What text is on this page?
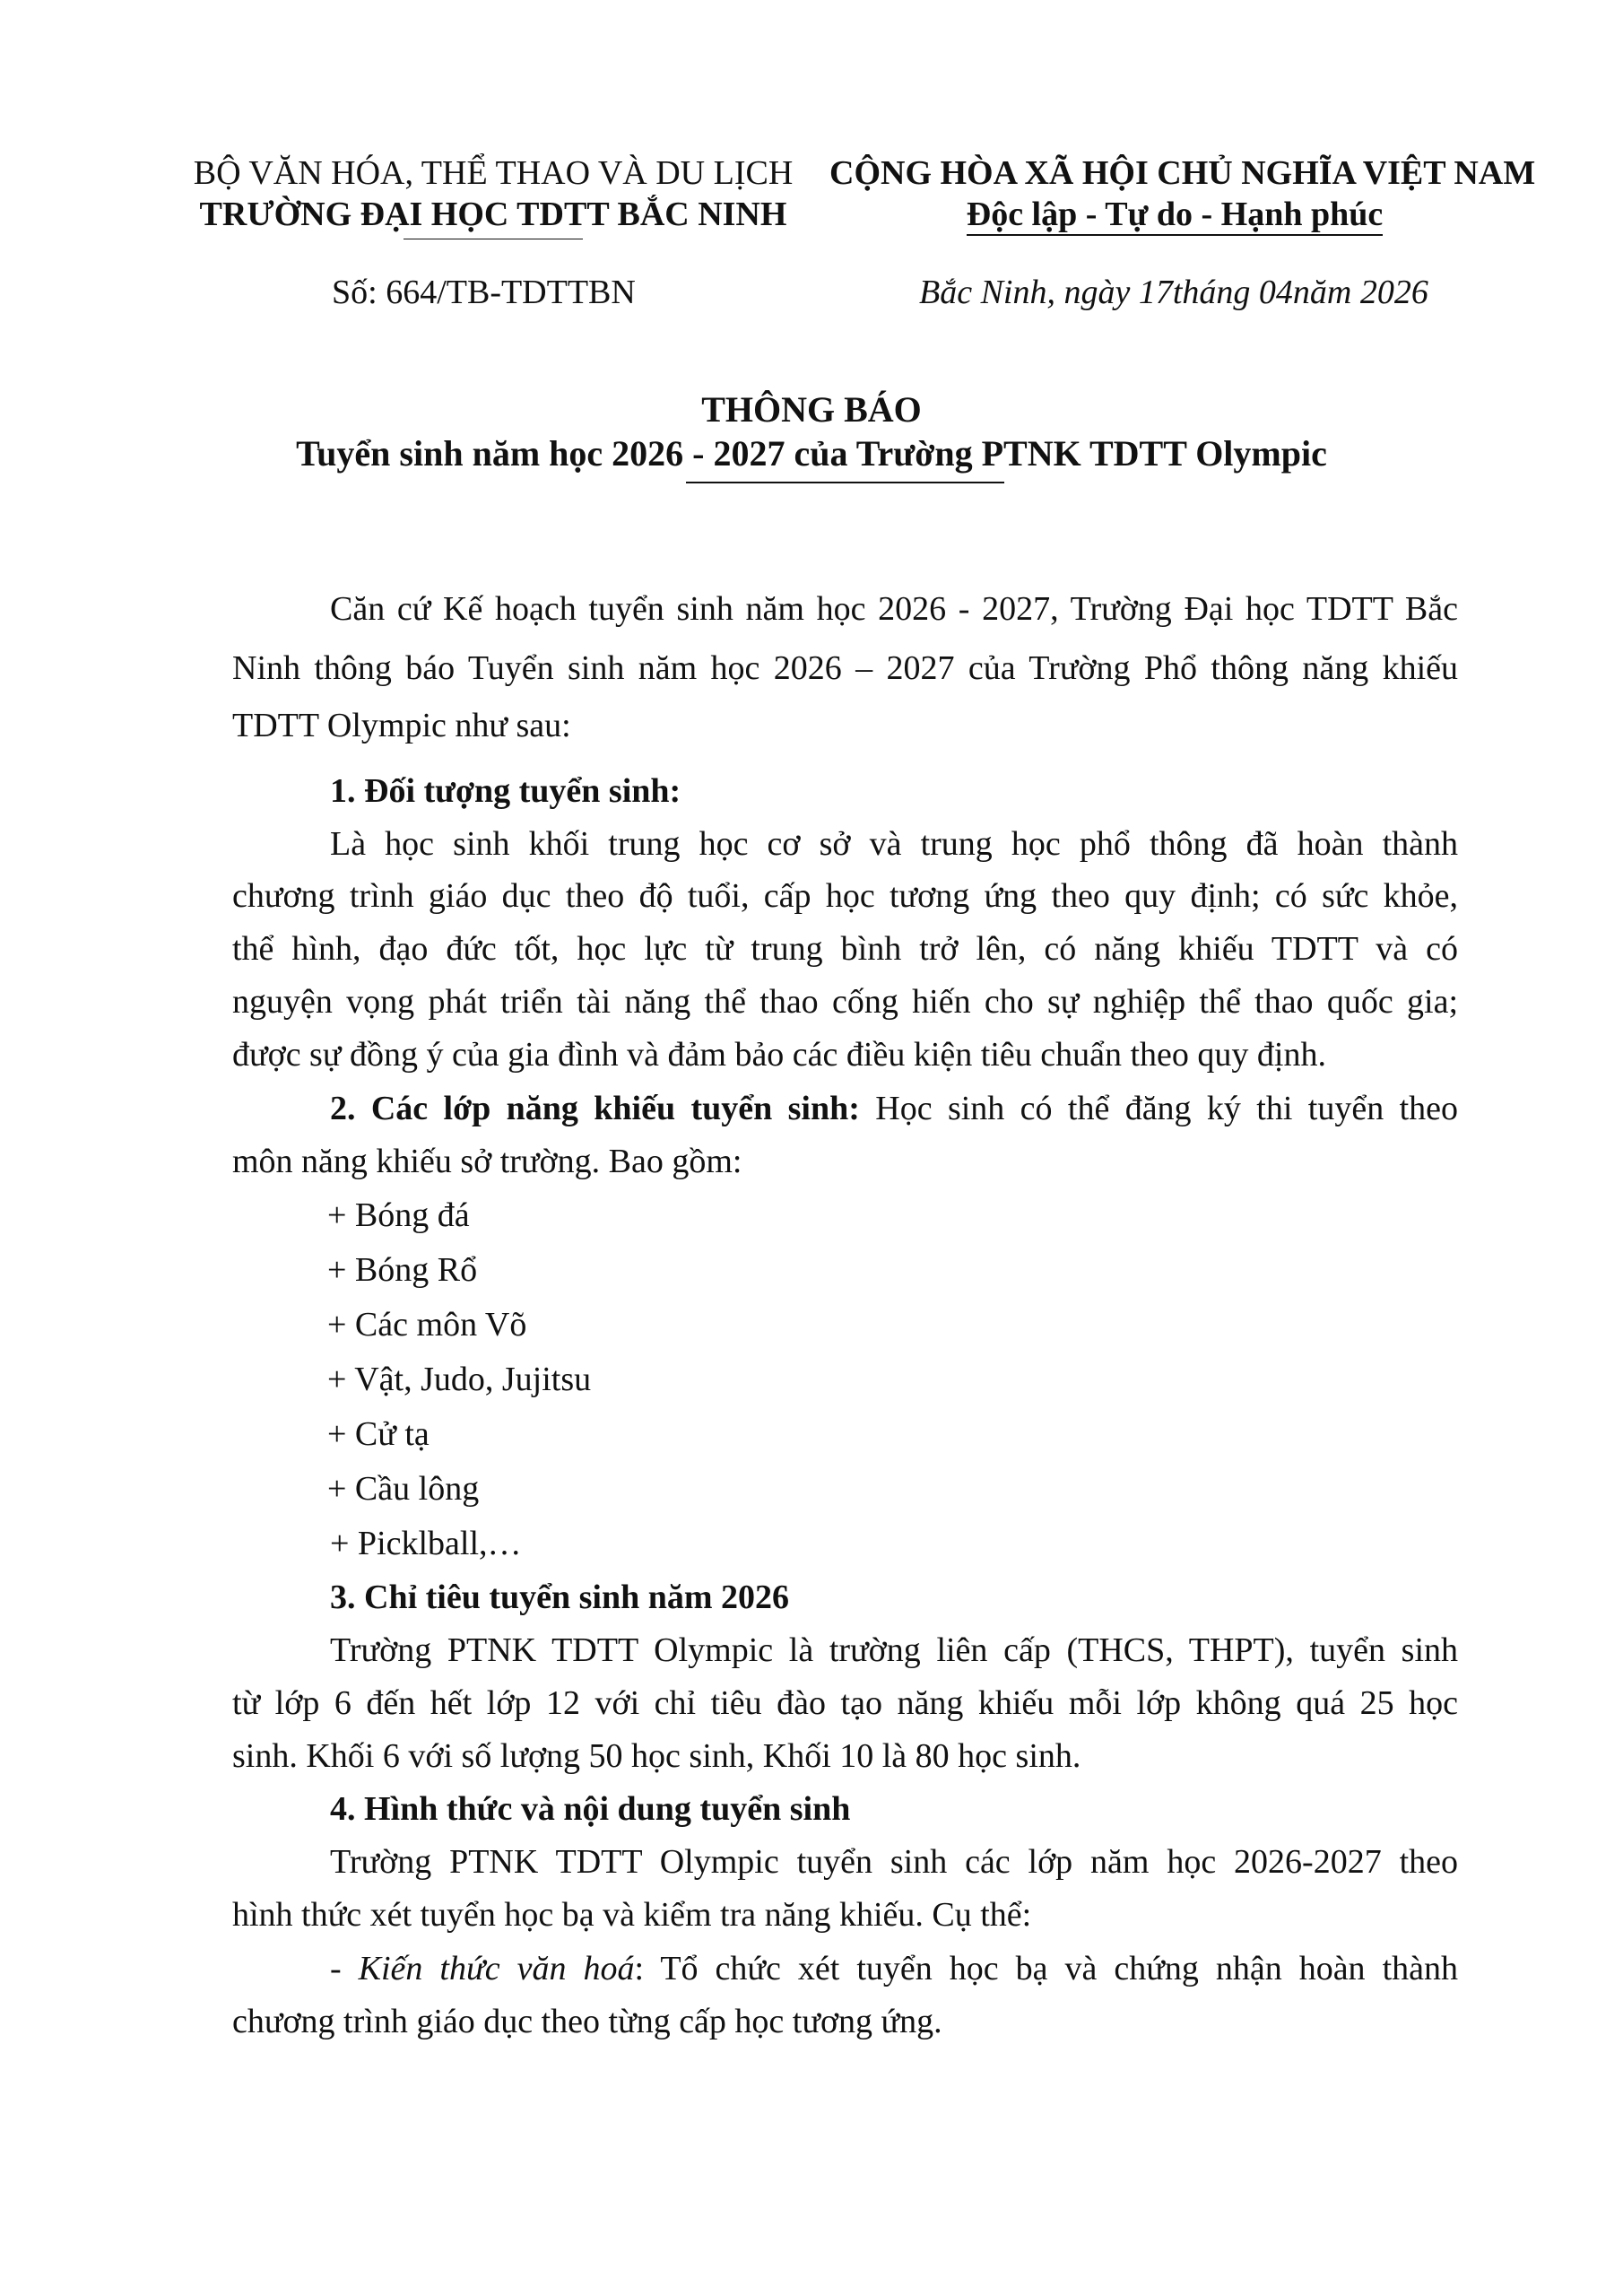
BỘ VĂN HÓA, THỂ THAO VÀ DU LỊCH
TRƯỜNG ĐẠI HỌC TDTT BẮC NINH
CỘNG HÒA XÃ HỘI CHỦ NGHĨA VIỆT NAM
Độc lập - Tự do - Hạnh phúc
Số: 664/TB-TDTTBN	Bắc Ninh, ngày 17tháng 04năm 2026
THÔNG BÁO
Tuyển sinh năm học 2026 - 2027 của Trường PTNK TDTT Olympic
Căn cứ Kế hoạch tuyển sinh năm học 2026 - 2027, Trường Đại học TDTT Bắc
Ninh thông báo Tuyển sinh năm học 2026 – 2027 của Trường Phổ thông năng khiếu
TDTT Olympic như sau:
1. Đối tượng tuyển sinh:
Là học sinh khối trung học cơ sở và trung học phổ thông đã hoàn thành
chương trình giáo dục theo độ tuổi, cấp học tương ứng theo quy định; có sức khỏe,
thể hình, đạo đức tốt, học lực từ trung bình trở lên, có năng khiếu TDTT và có
nguyện vọng phát triển tài năng thể thao cống hiến cho sự nghiệp thể thao quốc gia;
được sự đồng ý của gia đình và đảm bảo các điều kiện tiêu chuẩn theo quy định.
2. Các lớp năng khiếu tuyển sinh: Học sinh có thể đăng ký thi tuyển theo
môn năng khiếu sở trường. Bao gồm:
+ Bóng đá
+ Bóng Rổ
+ Các môn Võ
+ Vật, Judo, Jujitsu
+ Cử tạ
+ Cầu lông
+ Picklball,…
3. Chỉ tiêu tuyển sinh năm 2026
Trường PTNK TDTT Olympic là trường liên cấp (THCS, THPT), tuyển sinh
từ lớp 6 đến hết lớp 12 với chỉ tiêu đào tạo năng khiếu mỗi lớp không quá 25 học
sinh. Khối 6 với số lượng 50 học sinh, Khối 10 là 80 học sinh.
4. Hình thức và nội dung tuyển sinh
Trường PTNK TDTT Olympic tuyển sinh các lớp năm học 2026-2027 theo
hình thức xét tuyển học bạ và kiểm tra năng khiếu. Cụ thể:
- Kiến thức văn hoá: Tổ chức xét tuyển học bạ và chứng nhận hoàn thành
chương trình giáo dục theo từng cấp học tương ứng.
